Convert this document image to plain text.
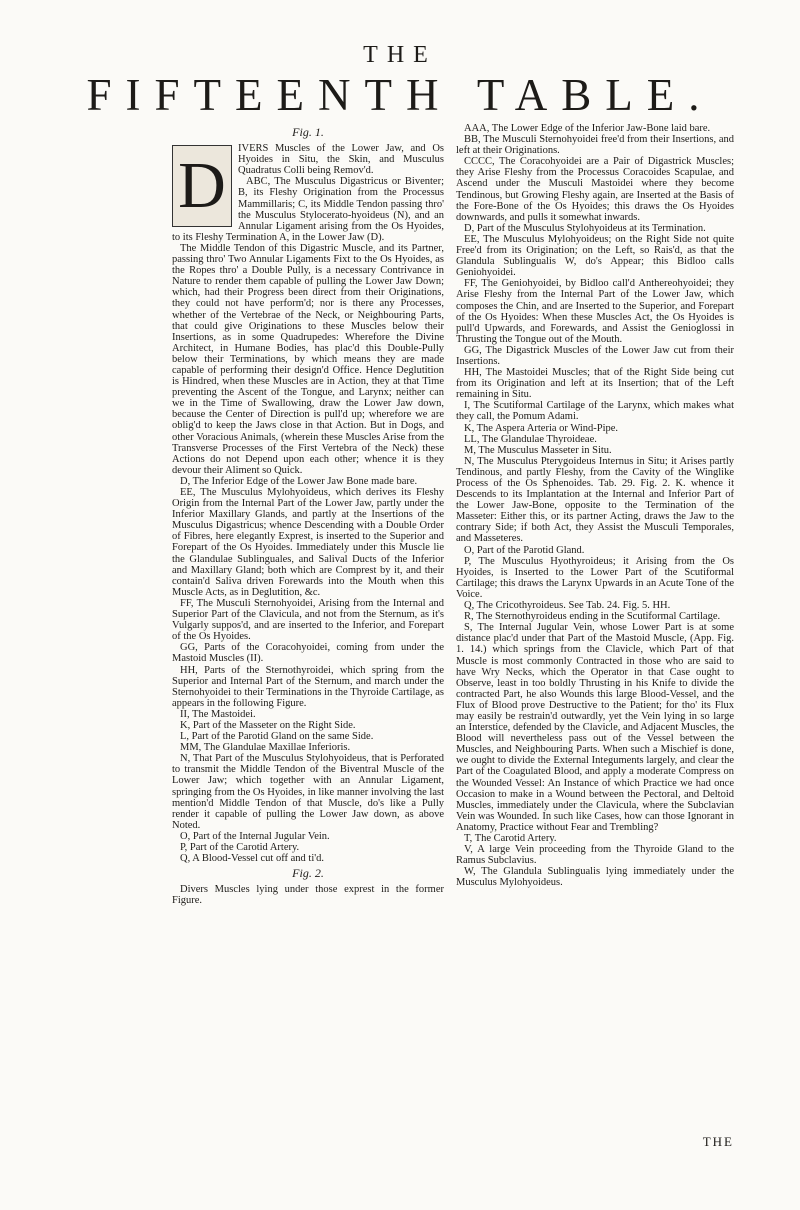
THE
FIFTEENTH TABLE.

Fig. 1.

D

IVERS Muscles of the Lower Jaw, and Os Hyoides in Situ, the Skin, and Musculus Quadratus Colli being Remov'd.

ABC, The Musculus Digastricus or Biventer; B, its Fleshy Origination from the Processus Mammillaris; C, its Middle Tendon passing thro' the Musculus Stylocerato-hyoideus (N), and an Annular Ligament arising from the Os Hyoides, to its Fleshy Termination A, in the Lower Jaw (D).

The Middle Tendon of this Digastric Muscle, and its Partner, passing thro' Two Annular Ligaments Fixt to the Os Hyoides, as the Ropes thro' a Double Pully, is a necessary Contrivance in Nature to render them capable of pulling the Lower Jaw Down; which, had their Progress been direct from their Originations, they could not have perform'd; nor is there any Processes, whether of the Vertebrae of the Neck, or Neighbouring Parts, that could give Originations to these Muscles below their Insertions, as in some Quadrupedes: Wherefore the Divine Architect, in Humane Bodies, has plac'd this Double-Pully below their Terminations, by which means they are made capable of performing their design'd Office. Hence Deglutition is Hindred, when these Muscles are in Action, they at that Time preventing the Ascent of the Tongue, and Larynx; neither can we in the Time of Swallowing, draw the Lower Jaw down, because the Center of Direction is pull'd up; wherefore we are oblig'd to keep the Jaws close in that Action. But in Dogs, and other Voracious Animals, (wherein these Muscles Arise from the Transverse Processes of the First Vertebra of the Neck) these Actions do not Depend upon each other; whence it is they devour their Aliment so Quick.

D, The Inferior Edge of the Lower Jaw Bone made bare.

EE, The Musculus Mylohyoideus, which derives its Fleshy Origin from the Internal Part of the Lower Jaw, partly under the Inferior Maxillary Glands, and partly at the Insertions of the Musculus Digastricus; whence Descending with a Double Order of Fibres, here elegantly Exprest, is inserted to the Superior and Forepart of the Os Hyoides. Immediately under this Muscle lie the Glandulae Sublinguales, and Salival Ducts of the Inferior and Maxillary Gland; both which are Comprest by it, and their contain'd Saliva driven Forewards into the Mouth when this Muscle Acts, as in Deglutition, &c.

FF, The Musculi Sternohyoidei, Arising from the Internal and Superior Part of the Clavicula, and not from the Sternum, as it's Vulgarly suppos'd, and are inserted to the Inferior, and Forepart of the Os Hyoides.

GG, Parts of the Coracohyoidei, coming from under the Mastoid Muscles (II).

HH, Parts of the Sternothyroidei, which spring from the Superior and Internal Part of the Sternum, and march under the Sternohyoidei to their Terminations in the Thyroide Cartilage, as appears in the following Figure.

II, The Mastoidei.

K, Part of the Masseter on the Right Side.

L, Part of the Parotid Gland on the same Side.

MM, The Glandulae Maxillae Inferioris.

N, That Part of the Musculus Stylohyoideus, that is Perforated to transmit the Middle Tendon of the Biventral Muscle of the Lower Jaw; which together with an Annular Ligament, springing from the Os Hyoides, in like manner involving the last mention'd Middle Tendon of that Muscle, do's like a Pully render it capable of pulling the Lower Jaw down, as above Noted.

O, Part of the Internal Jugular Vein.

P, Part of the Carotid Artery.

Q, A Blood-Vessel cut off and ti'd.

Fig. 2.

Divers Muscles lying under those exprest in the former Figure.

AAA, The Lower Edge of the Inferior Jaw-Bone laid bare.

BB, The Musculi Sternohyoidei free'd from their Insertions, and left at their Originations.

CCCC, The Coracohyoidei are a Pair of Digastrick Muscles; they Arise Fleshy from the Processus Coracoides Scapulae, and Ascend under the Musculi Mastoidei where they become Tendinous, but Growing Fleshy again, are Inserted at the Basis of the Fore-Bone of the Os Hyoides; this draws the Os Hyoides downwards, and pulls it somewhat inwards.

D, Part of the Musculus Stylohyoideus at its Termination.

EE, The Musculus Mylohyoideus; on the Right Side not quite Free'd from its Origination; on the Left, so Rais'd, as that the Glandula Sublingualis W, do's Appear; this Bidloo calls Geniohyoidei.

FF, The Geniohyoidei, by Bidloo call'd Anthereohyoidei; they Arise Fleshy from the Internal Part of the Lower Jaw, which composes the Chin, and are Inserted to the Superior, and Forepart of the Os Hyoides: When these Muscles Act, the Os Hyoides is pull'd Upwards, and Forewards, and Assist the Genioglossi in Thrusting the Tongue out of the Mouth.

GG, The Digastrick Muscles of the Lower Jaw cut from their Insertions.

HH, The Mastoidei Muscles; that of the Right Side being cut from its Origination and left at its Insertion; that of the Left remaining in Situ.

I, The Scutiformal Cartilage of the Larynx, which makes what they call, the Pomum Adami.

K, The Aspera Arteria or Wind-Pipe.

LL, The Glandulae Thyroideae.

M, The Musculus Masseter in Situ.

N, The Musculus Pterygoideus Internus in Situ; it Arises partly Tendinous, and partly Fleshy, from the Cavity of the Winglike Process of the Os Sphenoides. Tab. 29. Fig. 2. K. whence it Descends to its Implantation at the Internal and Inferior Part of the Lower Jaw-Bone, opposite to the Termination of the Masseter: Either this, or its partner Acting, draws the Jaw to the contrary Side; if both Act, they Assist the Musculi Temporales, and Masseteres.

O, Part of the Parotid Gland.

P, The Musculus Hyothyroideus; it Arising from the Os Hyoides, is Inserted to the Lower Part of the Scutiformal Cartilage; this draws the Larynx Upwards in an Acute Tone of the Voice.

Q, The Cricothyroideus. See Tab. 24. Fig. 5. HH.

R, The Sternothyroideus ending in the Scutiformal Cartilage.

S, The Internal Jugular Vein, whose Lower Part is at some distance plac'd under that Part of the Mastoid Muscle, (App. Fig. 1. 14.) which springs from the Clavicle, which Part of that Muscle is most commonly Contracted in those who are said to have Wry Necks, which the Operator in that Case ought to Observe, least in too boldly Thrusting in his Knife to divide the contracted Part, he also Wounds this large Blood-Vessel, and the Flux of Blood prove Destructive to the Patient; for tho' its Flux may easily be restrain'd outwardly, yet the Vein lying in so large an Interstice, defended by the Clavicle, and Adjacent Muscles, the Blood will nevertheless pass out of the Vessel between the Muscles, and Neighbouring Parts. When such a Mischief is done, we ought to divide the External Integuments largely, and clear the Part of the Coagulated Blood, and apply a moderate Compress on the Wounded Vessel: An Instance of which Practice we had once Occasion to make in a Wound between the Pectoral, and Deltoid Muscles, immediately under the Clavicula, where the Subclavian Vein was Wounded. In such like Cases, how can those Ignorant in Anatomy, Practice without Fear and Trembling?

T, The Carotid Artery.

V, A large Vein proceeding from the Thyroide Gland to the Ramus Subclavius.

W, The Glandula Sublingualis lying immediately under the Musculus Mylohyoideus.

THE
